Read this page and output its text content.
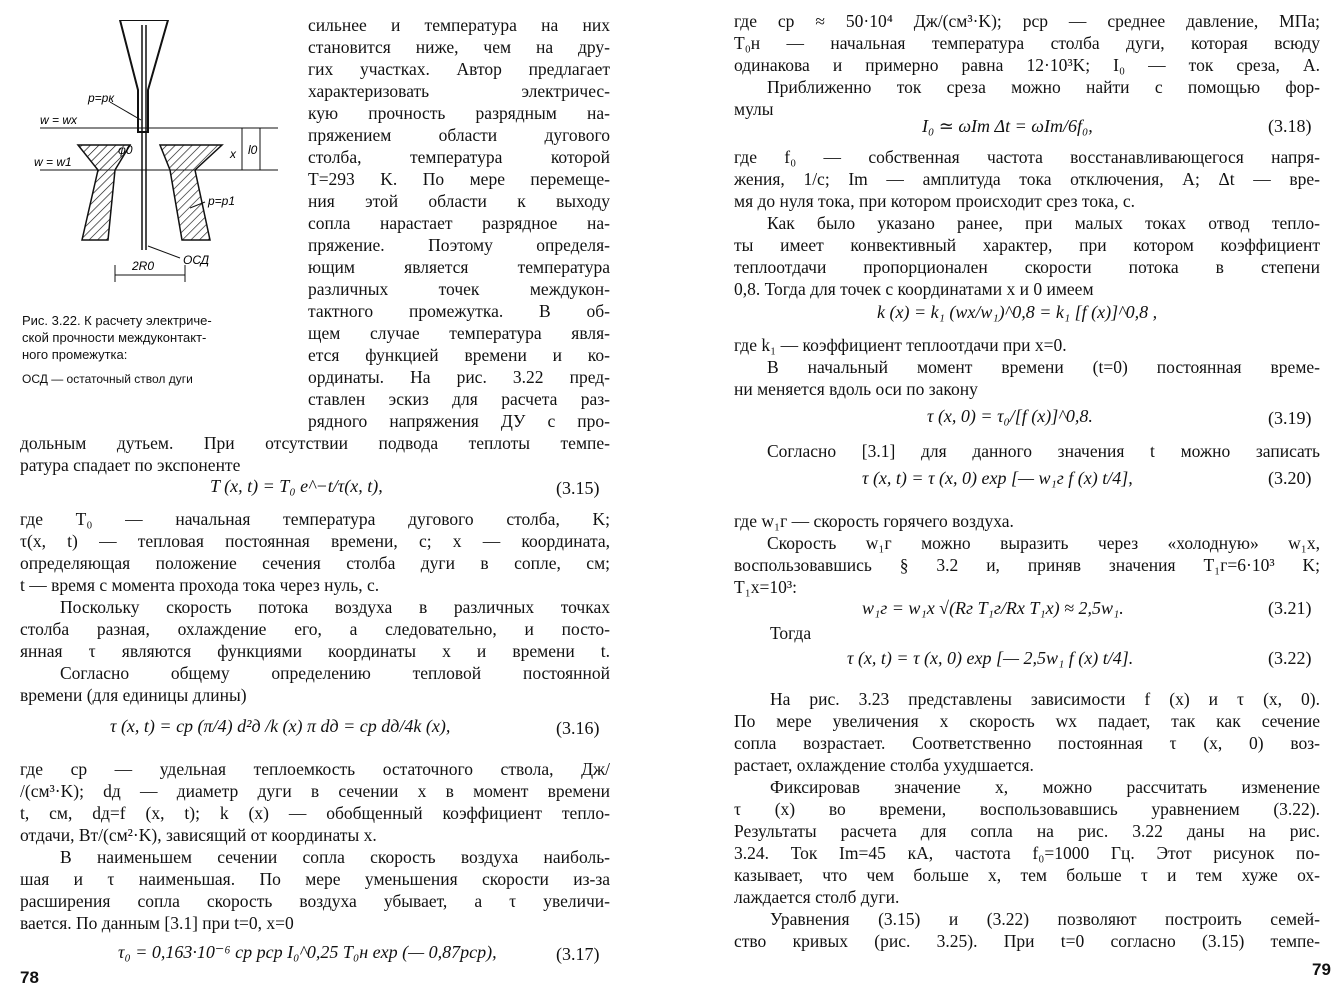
p=pк
w = wx
w = w1
φ0	x l0
p=p1
2R0 ОСД
Рис. 3.22. К расчету электриче-
ской прочности междуконтакт-
ного промежутка:
ОСД — остаточный ствол дуги
сильнее и температура на них
становится ниже, чем на дру-
гих участках. Автор предлагает
характеризовать электричес-
кую прочность разрядным на-
пряжением области дугового
столба, температура которой
T=293 K. По мере перемеще-
ния этой области к выходу
сопла нарастает разрядное на-
пряжение. Поэтому определя-
ющим является температура
различных точек междукон-
тактного промежутка. В об-
щем случае температура явля-
ется функцией времени и ко-
ординаты. На рис. 3.22 пред-
ставлен эскиз для расчета раз-
рядного напряжения ДУ с про-
дольным дутьем. При отсутствии подвода теплоты темпе-
ратура спадает по экспоненте
T (x, t) = T₀ e^−t/τ(x, t),	(3.15)
где T₀ — начальная температура дугового столба, K;
τ(x, t) — тепловая постоянная времени, с; x — координата,
определяющая положение сечения столба дуги в сопле, см;
t — время с момента прохода тока через нуль, с.
Поскольку скорость потока воздуха в различных точках
столба разная, охлаждение его, а следовательно, и посто-
янная τ являются функциями координаты x и времени t.
Согласно общему определению тепловой постоянной
времени (для единицы длины)
τ (x, t) = cр (π/4) d²д /k (x) π dд = cр dд/4k (x),	(3.16)
где cр — удельная теплоемкость остаточного ствола, Дж/
/(см³·K); dд — диаметр дуги в сечении x в момент времени
t, см, dд=f (x, t); k (x) — обобщенный коэффициент тепло-
отдачи, Вт/(см²·K), зависящий от координаты x.
В наименьшем сечении сопла скорость воздуха наиболь-
шая и τ наименьшая. По мере уменьшения скорости из-за
расширения сопла скорость воздуха убывает, а τ увеличи-
вается. По данным [3.1] при t=0, x=0
τ₀ = 0,163·10⁻⁶ cр pср I₀^0,25 T₀н exp (— 0,87pср),	(3.17)
78
где cр ≈ 50·10⁴ Дж/(см³·K); pср — среднее давление, МПа;
T₀н — начальная температура столба дуги, которая всюду
одинакова и примерно равна 12·10³K; I₀ — ток среза, А.
Приближенно ток среза можно найти с помощью фор-
мулы
I₀ ≃ ωIm Δt = ωIm/6f₀,	(3.18)
где f₀ — собственная частота восстанавливающегося напря-
жения, 1/с; Im — амплитуда тока отключения, А; Δt — вре-
мя до нуля тока, при котором происходит срез тока, с.
Как было указано ранее, при малых токах отвод тепло-
ты имеет конвективный характер, при котором коэффициент
теплоотдачи пропорционален скорости потока в степени
0,8. Тогда для точек с координатами x и 0 имеем
k (x) = k₁ (wx/w₁)^0,8 = k₁ [f (x)]^0,8 ,
где k₁ — коэффициент теплоотдачи при x=0.
В начальный момент времени (t=0) постоянная време-
ни меняется вдоль оси по закону
τ (x, 0) = τ₀/[f (x)]^0,8.	(3.19)
Согласно [3.1] для данного значения t можно записать
τ (x, t) = τ (x, 0) exp [— w₁г f (x) t/4],	(3.20)
где w₁г — скорость горячего воздуха.
Скорость w₁г можно выразить через «холодную» w₁х,
воспользовавшись § 3.2 и, приняв значения T₁г=6·10³ K;
T₁х=10³:
w₁г = w₁х √(Rг T₁г/Rх T₁х) ≈ 2,5w₁.	(3.21)
Тогда
τ (x, t) = τ (x, 0) exp [— 2,5w₁ f (x) t/4].	(3.22)
На рис. 3.23 представлены зависимости f (x) и τ (x, 0).
По мере увеличения x скорость wx падает, так как сечение
сопла возрастает. Соответственно постоянная τ (x, 0) воз-
растает, охлаждение столба ухудшается.
Фиксировав значение x, можно рассчитать изменение
τ (x) во времени, воспользовавшись уравнением (3.22).
Результаты расчета для сопла на рис. 3.22 даны на рис.
3.24. Ток Im=45 кА, частота f₀=1000 Гц. Этот рисунок по-
казывает, что чем больше x, тем больше τ и тем хуже ох-
лаждается столб дуги.
Уравнения (3.15) и (3.22) позволяют построить семей-
ство кривых (рис. 3.25). При t=0 согласно (3.15) темпе-
79
